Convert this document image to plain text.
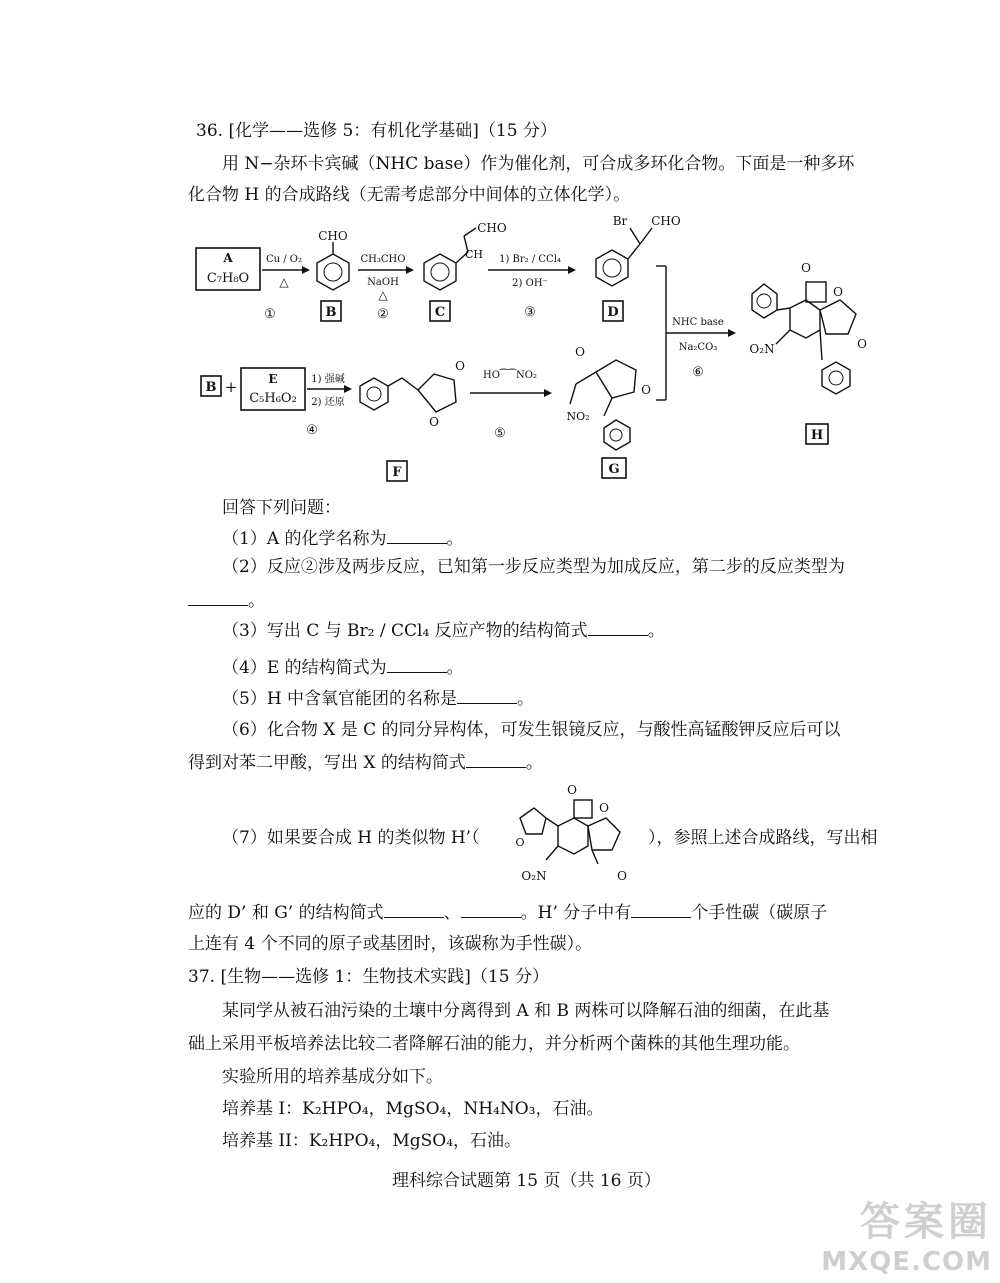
36. [化学——选修 5：有机化学基础]（15 分）
用 N−杂环卡宾碱（NHC base）作为催化剂，可合成多环化合物。下面是一种多环
化合物 H 的合成路线（无需考虑部分中间体的立体化学）。
A
C₇H₈O
Cu / O₂
△
①
CHO
B
CH₃CHO
NaOH
△
②
CHO
CH
C
1) Br₂ / CCl₄
2) OH⁻
③
Br CHO
D
NHC base
Na₂CO₃
⑥
O
O
O
O₂N
H
B +	E
C₅H₆O₂
1) 强碱
2) 还原
④
O
O
F
HO⁀⁀NO₂
⑤
O
O
NO₂
G
回答下列问题：
（1）A 的化学名称为	。
（2）反应②涉及两步反应，已知第一步反应类型为加成反应，第二步的反应类型为
。
（3）写出 C 与 Br₂ / CCl₄ 反应产物的结构简式	。
（4）E 的结构简式为	。
（5）H 中含氧官能团的名称是	。
（6）化合物 X 是 C 的同分异构体，可发生银镜反应，与酸性高锰酸钾反应后可以
得到对苯二甲酸，写出 X 的结构简式	。
（7）如果要合成 H 的类似物 H’（	），参照上述合成路线，写出相
O
O
O
O
O₂N
应的 D’ 和 G’ 的结构简式	、	。H’ 分子中有	个手性碳（碳原子
上连有 4 个不同的原子或基团时，该碳称为手性碳）。
37. [生物——选修 1：生物技术实践]（15 分）
某同学从被石油污染的土壤中分离得到 A 和 B 两株可以降解石油的细菌，在此基
础上采用平板培养法比较二者降解石油的能力，并分析两个菌株的其他生理功能。
实验所用的培养基成分如下。
培养基 I：K₂HPO₄，MgSO₄，NH₄NO₃，石油。
培养基 II：K₂HPO₄，MgSO₄，石油。
理科综合试题第 15 页（共 16 页）
答案圈
MXQE.COM
